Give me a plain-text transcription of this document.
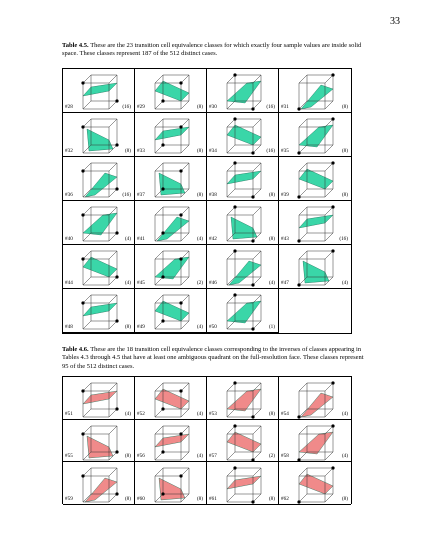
33
Table 4.5. These are the 23 transition cell equivalence classes for which exactly four sample values are inside solid space. These classes represent 187 of the 512 distinct cases.
#28	(16) #29	(8) #30	(16) #31	(8)
#32	(8) #33	(8) #34	(16) #35	(8)
#36	(16) #37	(8) #38	(8) #39	(8)
#40	(4) #41	(4) #42	(8) #43	(16)
#44	(4) #45	(2) #46	(4) #47	(4)
#48	(8) #49	(4) #50	(1)
Table 4.6. These are the 18 transition cell equivalence classes corresponding to the inverses of classes appearing in Tables 4.3 through 4.5 that have at least one ambiguous quadrant on the full-resolution face. These classes represent 95 of the 512 distinct cases.
#51	(4) #52	(4) #53	(8) #54	(4)
#55	(8) #56	(4) #57	(2) #58	(4)
#59	(8) #60	(8) #61	(8) #62	(8)
